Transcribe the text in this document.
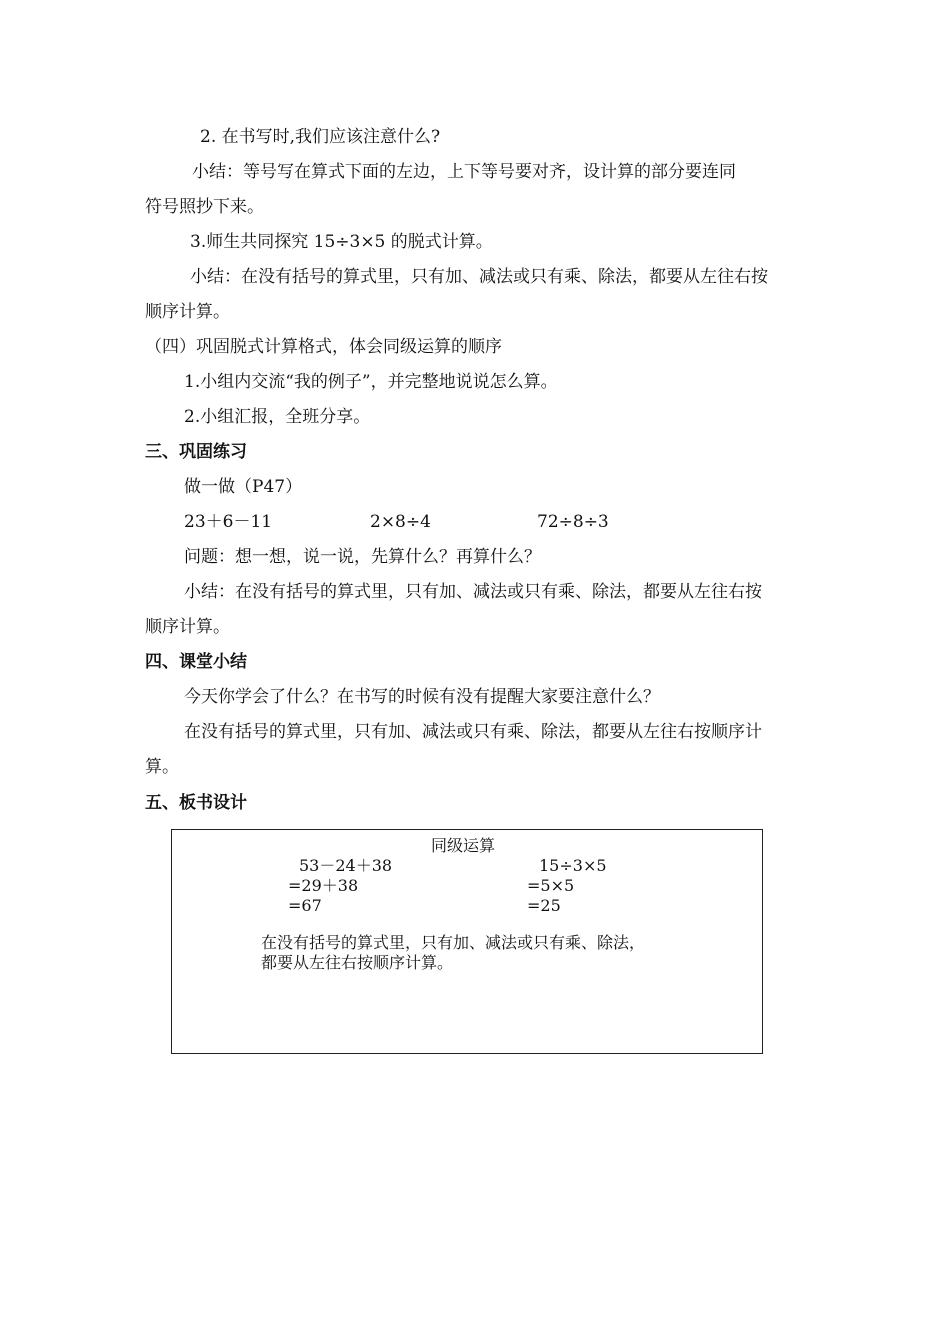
2. 在书写时,我们应该注意什么?
小结：等号写在算式下面的左边，上下等号要对齐，设计算的部分要连同
符号照抄下来。
3.师生共同探究 15÷3×5 的脱式计算。
小结：在没有括号的算式里，只有加、减法或只有乘、除法，都要从左往右按
顺序计算。
（四）巩固脱式计算格式，体会同级运算的顺序
1.小组内交流“我的例子”，并完整地说说怎么算。
2.小组汇报，全班分享。
三、巩固练习
做一做（P47）
23＋6－11	2×8÷4	72÷8÷3
问题：想一想，说一说，先算什么？再算什么？
小结：在没有括号的算式里，只有加、减法或只有乘、除法，都要从左往右按
顺序计算。
四、课堂小结
今天你学会了什么？在书写的时候有没有提醒大家要注意什么？
在没有括号的算式里，只有加、减法或只有乘、除法，都要从左往右按顺序计
算。
五、板书设计
同级运算
53－24＋38
=29＋38
=67
15÷3×5
=5×5
=25
在没有括号的算式里，只有加、减法或只有乘、除法，
都要从左往右按顺序计算。
